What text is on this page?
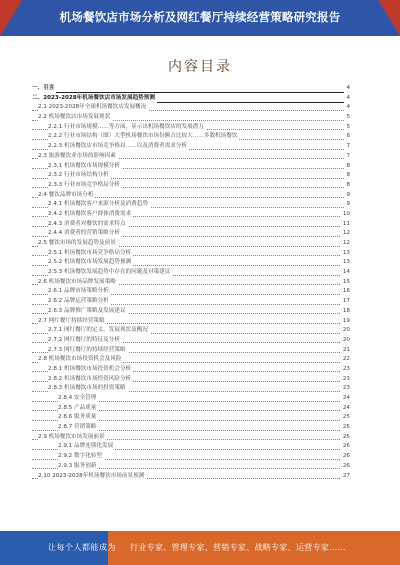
机场餐饮店市场分析及网红餐厅持续经营策略研究报告
内容目录
一、引言	4
二、2023-2028年机场餐饮店市场发展趋势预测	4
2.1 2023-2028年全球机场餐饮店发展概况	4
2.2 机场餐饮店市场发展现状	5
2.2.1 行业市场规模……等方面，显示出机场餐饮店的发展潜力	5
2.2.2 行业市场结构（图）大型机场餐饮市场份额占比较大……多数机场餐饮	6
2.2.3 机场餐饮店市场竞争格局……以及消费者需求分析	7
2.3 旅游餐饮业市场的影响因素	7
2.3.1 机场餐饮市场规模分析	8
2.3.2 行业市场结构分析	8
2.3.3 行业市场竞争格局分析	8
2.4 餐饮品牌市场分析	9
2.4.1 机场餐饮客户来源分析及消费趋势	9
2.4.2 机场餐饮客户群体消费需求	10
2.4.3 消费者对餐饮的需求特点	11
2.4.4 消费者的营销策略分析	12
2.5 餐饮市场的发展趋势及前景	12
2.5.1 机场餐饮市场竞争格局分析	13
2.5.2 机场餐饮市场发展趋势预测	13
2.5.3 机场餐饮发展趋势中存在的问题及对策建议	14
2.6 机场餐饮市场品牌发展策略	15
2.6.1 品牌市场策略分析	16
2.6.2 品牌运营策略分析	17
2.6.3 品牌推广策略及发展建议	18
2.7 网红餐厅持续经营策略	19
2.7.1 网红餐厅的定义、发展现状及概况	20
2.7.2 网红餐厅的特征及分析	20
2.7.3 网红餐厅的持续经营策略	21
2.8 机场餐饮市场投资机会及风险	22
2.8.1 机场餐饮市场投资机会分析	23
2.8.2 机场餐饮市场投资风险分析	23
2.8.3 机场餐饮市场的投资策略	23
2.8.4 安全管理	24
2.8.5 产品质量	24
2.8.6 服务质量	25
2.8.7 营销策略	25
2.9 机场餐饮市场发展前景	25
2.9.1 品牌连锁化发展	26
2.9.2 数字化转型	26
2.9.3 服务创新	26
2.10 2023-2028年机场餐饮市场前景预测	27
让每个人都能成为 行业专家、管理专家、营销专家、战略专家、运营专家……
